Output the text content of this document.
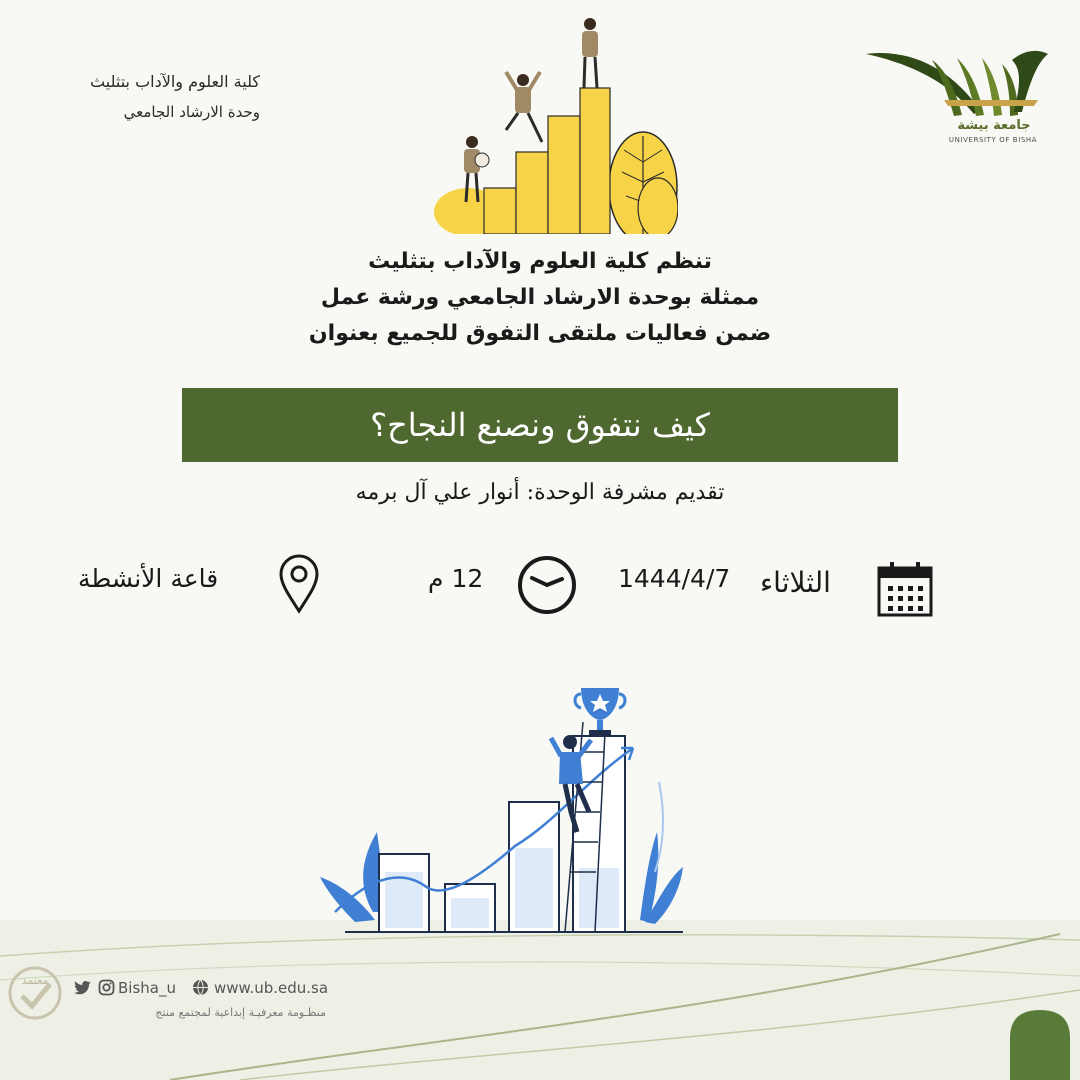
كلية العلوم والآداب بتثليث
وحدة الارشاد الجامعي
جامعة بيشة
UNIVERSITY OF BISHA
تنظم كلية العلوم والآداب بتثليث
ممثلة بوحدة الارشاد الجامعي ورشة عمل
ضمن فعاليات ملتقى التفوق للجميع بعنوان
كيف نتفوق ونصنع النجاح؟
تقديم مشرفة الوحدة: أنوار علي آل برمه
الثلاثاء
1444/4/7
12 م
قاعة الأنشطة
معتمد	Bisha_u	www.ub.edu.sa
منظـومة معرفيـة إبداعية لمجتمع منتج
